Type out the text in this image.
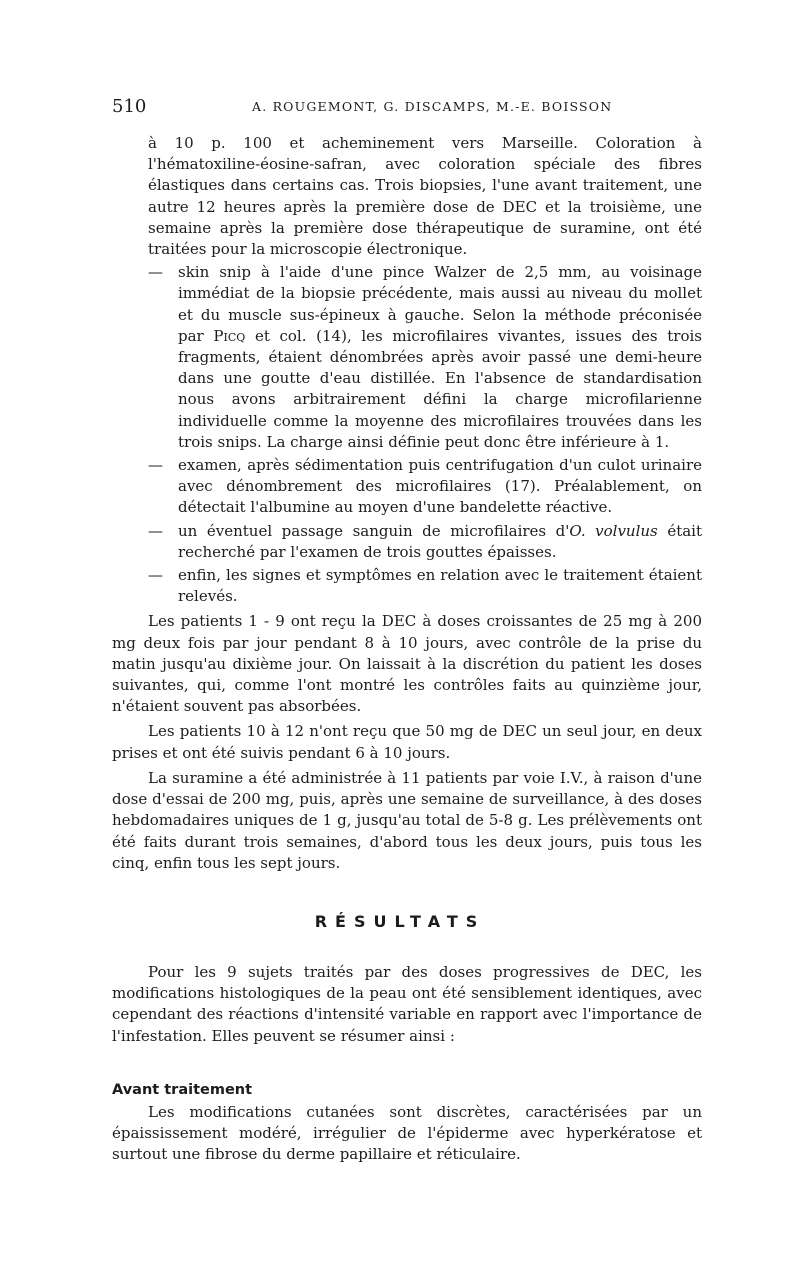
510	A. ROUGEMONT, G. DISCAMPS, M.-E. BOISSON

à 10 p. 100 et acheminement vers Marseille. Coloration à l'hématoxiline-éosine-safran, avec coloration spéciale des fibres élastiques dans certains cas. Trois biopsies, l'une avant traitement, une autre 12 heures après la première dose de DEC et la troisième, une semaine après la première dose thérapeutique de suramine, ont été traitées pour la microscopie électronique.

—	skin snip à l'aide d'une pince Walzer de 2,5 mm, au voisinage immédiat de la biopsie précédente, mais aussi au niveau du mollet et du muscle sus-épineux à gauche. Selon la méthode préconisée par Picq et col. (14), les microfilaires vivantes, issues des trois fragments, étaient dénombrées après avoir passé une demi-heure dans une goutte d'eau distillée. En l'absence de standardisation nous avons arbitrairement défini la charge microfilarienne individuelle comme la moyenne des microfilaires trouvées dans les trois snips. La charge ainsi définie peut donc être inférieure à 1.
—	examen, après sédimentation puis centrifugation d'un culot urinaire avec dénombrement des microfilaires (17). Préalablement, on détectait l'albumine au moyen d'une bandelette réactive.
—	un éventuel passage sanguin de microfilaires d'O. volvulus était recherché par l'examen de trois gouttes épaisses.
—	enfin, les signes et symptômes en relation avec le traitement étaient relevés.

Les patients 1 - 9 ont reçu la DEC à doses croissantes de 25 mg à 200 mg deux fois par jour pendant 8 à 10 jours, avec contrôle de la prise du matin jusqu'au dixième jour. On laissait à la discrétion du patient les doses suivantes, qui, comme l'ont montré les contrôles faits au quinzième jour, n'étaient souvent pas absorbées.

Les patients 10 à 12 n'ont reçu que 50 mg de DEC un seul jour, en deux prises et ont été suivis pendant 6 à 10 jours.

La suramine a été administrée à 11 patients par voie I.V., à raison d'une dose d'essai de 200 mg, puis, après une semaine de surveillance, à des doses hebdomadaires uniques de 1 g, jusqu'au total de 5-8 g. Les prélèvements ont été faits durant trois semaines, d'abord tous les deux jours, puis tous les cinq, enfin tous les sept jours.

RÉSULTATS

Pour les 9 sujets traités par des doses progressives de DEC, les modifications histologiques de la peau ont été sensiblement identiques, avec cependant des réactions d'intensité variable en rapport avec l'importance de l'infestation. Elles peuvent se résumer ainsi :

Avant traitement

Les modifications cutanées sont discrètes, caractérisées par un épaississement modéré, irrégulier de l'épiderme avec hyperkératose et surtout une fibrose du derme papillaire et réticulaire.
